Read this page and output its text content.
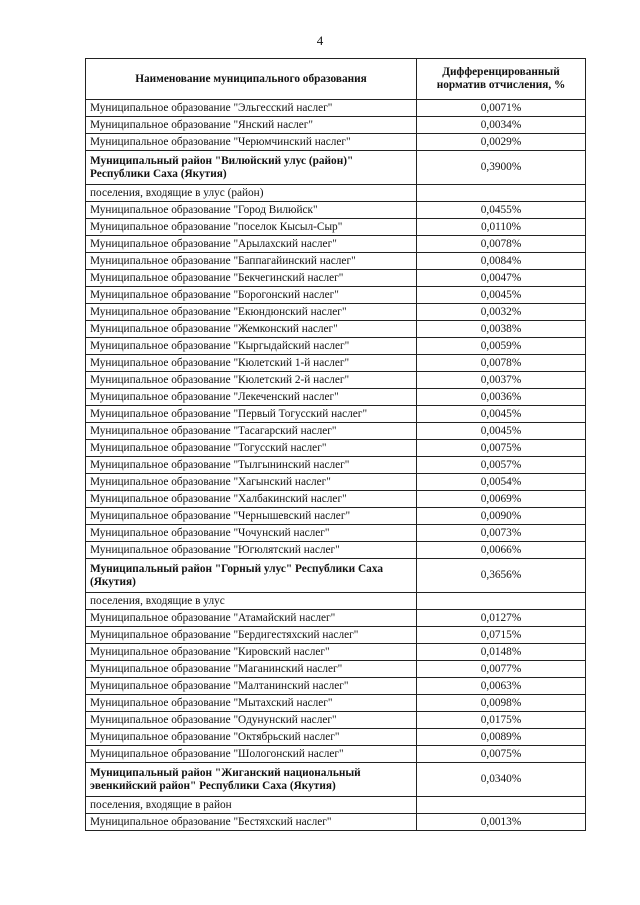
4
Наименование муниципального образования	Дифференцированный норматив отчисления, %
Муниципальное образование "Эльгесский наслег"	0,0071%
Муниципальное образование "Янский наслег"	0,0034%
Муниципальное образование "Черюмчинский наслег"	0,0029%
Муниципальный район "Вилюйский улус (район)" Республики Саха (Якутия)	0,3900%
поселения, входящие в улус (район)	
Муниципальное образование "Город Вилюйск"	0,0455%
Муниципальное образование "поселок Кысыл-Сыр"	0,0110%
Муниципальное образование "Арылахский наслег"	0,0078%
Муниципальное образование "Баппагайинский наслег"	0,0084%
Муниципальное образование "Бекчегинский наслег"	0,0047%
Муниципальное образование "Борогонский наслег"	0,0045%
Муниципальное образование "Екюндюнский наслег"	0,0032%
Муниципальное образование "Жемконский наслег"	0,0038%
Муниципальное образование "Кыргыдайский наслег"	0,0059%
Муниципальное образование "Кюлетский 1-й наслег"	0,0078%
Муниципальное образование "Кюлетский 2-й наслег"	0,0037%
Муниципальное образование "Лекеченский наслег"	0,0036%
Муниципальное образование "Первый Тогусский наслег"	0,0045%
Муниципальное образование "Тасагарский наслег"	0,0045%
Муниципальное образование "Тогусский наслег"	0,0075%
Муниципальное образование "Тылгынинский наслег"	0,0057%
Муниципальное образование "Хагынский наслег"	0,0054%
Муниципальное образование "Халбакинский наслег"	0,0069%
Муниципальное образование "Чернышевский наслег"	0,0090%
Муниципальное образование "Чочунский наслег"	0,0073%
Муниципальное образование "Югюлятский наслег"	0,0066%
Муниципальный район "Горный улус" Республики Саха (Якутия)	0,3656%
поселения, входящие в улус	
Муниципальное образование "Атамайский наслег"	0,0127%
Муниципальное образование "Бердигестяхский наслег"	0,0715%
Муниципальное образование "Кировский наслег"	0,0148%
Муниципальное образование "Маганинский наслег"	0,0077%
Муниципальное образование "Малтанинский наслег"	0,0063%
Муниципальное образование "Мытахский наслег"	0,0098%
Муниципальное образование "Одунунский наслег"	0,0175%
Муниципальное образование "Октябрьский наслег"	0,0089%
Муниципальное образование "Шологонский наслег"	0,0075%
Муниципальный район "Жиганский национальный эвенкийский район" Республики Саха (Якутия)	0,0340%
поселения, входящие в район	
Муниципальное образование "Бестяхский наслег"	0,0013%
